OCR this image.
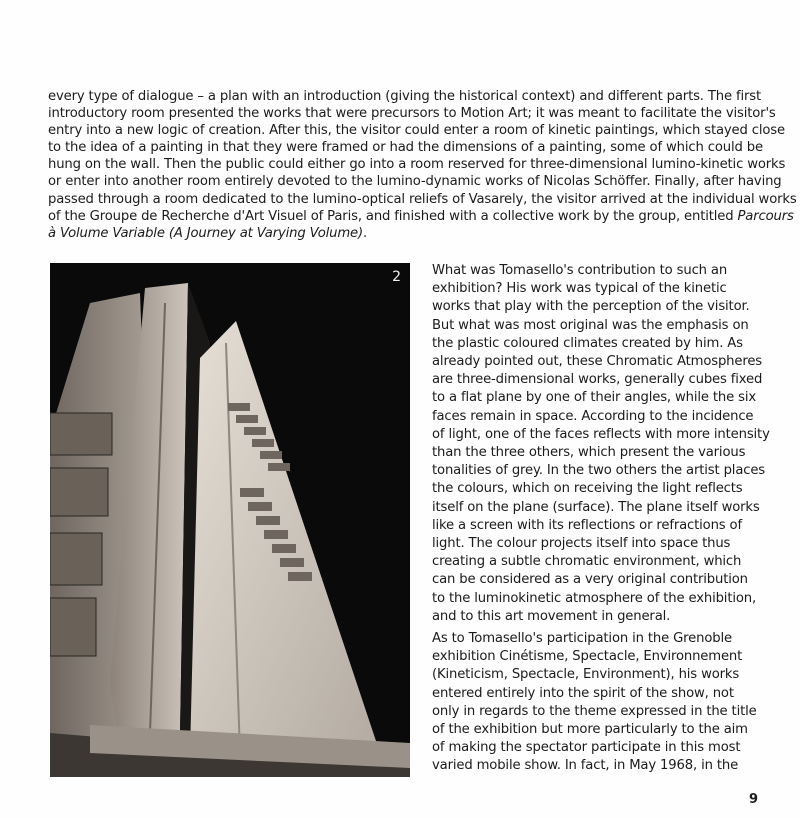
every type of dialogue – a plan with an introduction (giving the historical context) and different parts. The first
introductory room presented the works that were precursors to Motion Art; it was meant to facilitate the visitor's
entry into a new logic of creation. After this, the visitor could enter a room of kinetic paintings, which stayed close
to the idea of a painting in that they were framed or had the dimensions of a painting, some of which could be
hung on the wall. Then the public could either go into a room reserved for three-dimensional lumino-kinetic works
or enter into another room entirely devoted to the lumino-dynamic works of Nicolas Schöffer. Finally, after having
passed through a room dedicated to the lumino-optical reliefs of Vasarely, the visitor arrived at the individual works
of the Groupe de Recherche d'Art Visuel of Paris, and finished with a collective work by the group, entitled Parcours
à Volume Variable (A Journey at Varying Volume).

2 What was Tomasello's contribution to such an
exhibition? His work was typical of the kinetic
works that play with the perception of the visitor.
But what was most original was the emphasis on
the plastic coloured climates created by him. As
already pointed out, these Chromatic Atmospheres
are three-dimensional works, generally cubes fixed
to a flat plane by one of their angles, while the six
faces remain in space. According to the incidence
of light, one of the faces reflects with more intensity
than the three others, which present the various
tonalities of grey. In the two others the artist places
the colours, which on receiving the light reflects
itself on the plane (surface). The plane itself works
like a screen with its reflections or refractions of
light. The colour projects itself into space thus
creating a subtle chromatic environment, which
can be considered as a very original contribution
to the luminokinetic atmosphere of the exhibition,
and to this art movement in general.

As to Tomasello's participation in the Grenoble
exhibition Cinétisme, Spectacle, Environnement
(Kineticism, Spectacle, Environment), his works
entered entirely into the spirit of the show, not
only in regards to the theme expressed in the title
of the exhibition but more particularly to the aim
of making the spectator participate in this most
varied mobile show. In fact, in May 1968, in the

9
